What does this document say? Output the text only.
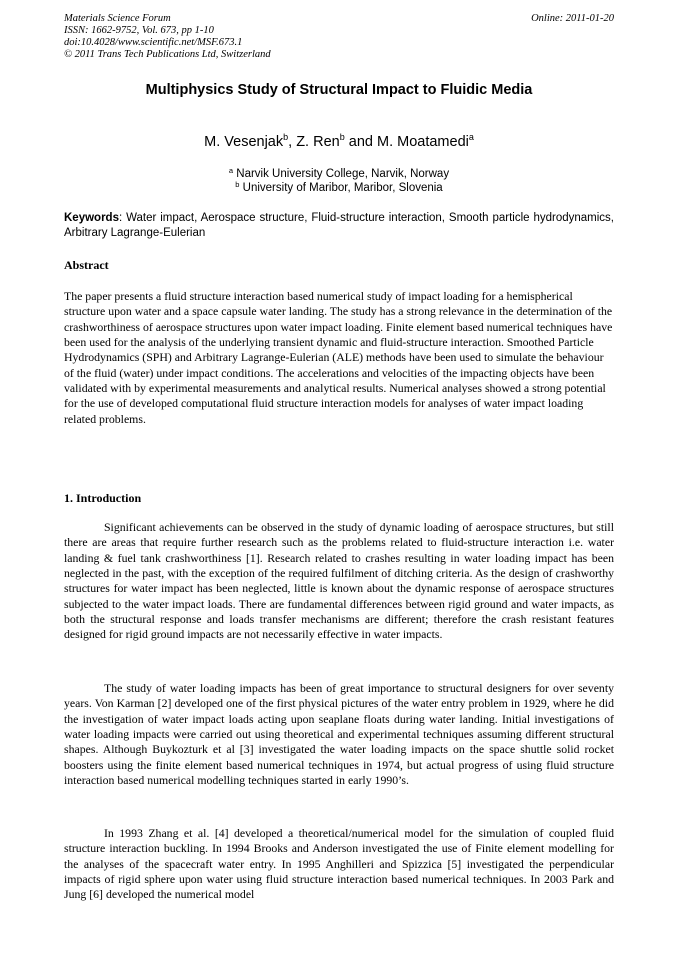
Materials Science Forum
ISSN: 1662-9752, Vol. 673, pp 1-10
doi:10.4028/www.scientific.net/MSF.673.1
© 2011 Trans Tech Publications Ltd, Switzerland
Online: 2011-01-20
Multiphysics Study of Structural Impact to Fluidic Media
M. Vesenjak$^b$, Z. Ren$^b$ and M. Moatamedi$^a$
$^a$ Narvik University College, Narvik, Norway
$^b$ University of Maribor, Maribor, Slovenia
Keywords: Water impact, Aerospace structure, Fluid-structure interaction, Smooth particle hydrodynamics, Arbitrary Lagrange-Eulerian
Abstract

The paper presents a fluid structure interaction based numerical study of impact loading for a hemispherical structure upon water and a space capsule water landing. The study has a strong relevance in the determination of the crashworthiness of aerospace structures upon water impact loading. Finite element based numerical techniques have been used for the analysis of the underlying transient dynamic and fluid-structure interaction. Smoothed Particle Hydrodynamics (SPH) and Arbitrary Lagrange-Eulerian (ALE) methods have been used to simulate the behaviour of the fluid (water) under impact conditions. The accelerations and velocities of the impacting objects have been validated with by experimental measurements and analytical results. Numerical analyses showed a strong potential for the use of developed computational fluid structure interaction models for analyses of water impact loading related problems.

1. Introduction

Significant achievements can be observed in the study of dynamic loading of aerospace structures, but still there are areas that require further research such as the problems related to fluid-structure interaction i.e. water landing & fuel tank crashworthiness [1]. Research related to crashes resulting in water loading impact has been neglected in the past, with the exception of the required fulfilment of ditching criteria. As the design of crashworthy structures for water impact has been neglected, little is known about the dynamic response of aerospace structures subjected to the water impact loads. There are fundamental differences between rigid ground and water impacts, as both the structural response and loads transfer mechanisms are different; therefore the crash resistant features designed for rigid ground impacts are not necessarily effective in water impacts.

The study of water loading impacts has been of great importance to structural designers for over seventy years. Von Karman [2] developed one of the first physical pictures of the water entry problem in 1929, where he did the investigation of water impact loads acting upon seaplane floats during water landing. Initial investigations of water loading impacts were carried out using theoretical and experimental techniques assuming different structural shapes. Although Buykozturk et al [3] investigated the water loading impacts on the space shuttle solid rocket boosters using the finite element based numerical techniques in 1974, but actual progress of using fluid structure interaction based numerical modelling techniques started in early 1990’s.

In 1993 Zhang et al. [4] developed a theoretical/numerical model for the simulation of coupled fluid structure interaction buckling. In 1994 Brooks and Anderson investigated the use of Finite element modelling for the analyses of the spacecraft water entry. In 1995 Anghilleri and Spizzica [5] investigated the perpendicular impacts of rigid sphere upon water using fluid structure interaction based numerical techniques. In 2003 Park and Jung [6] developed the numerical model
